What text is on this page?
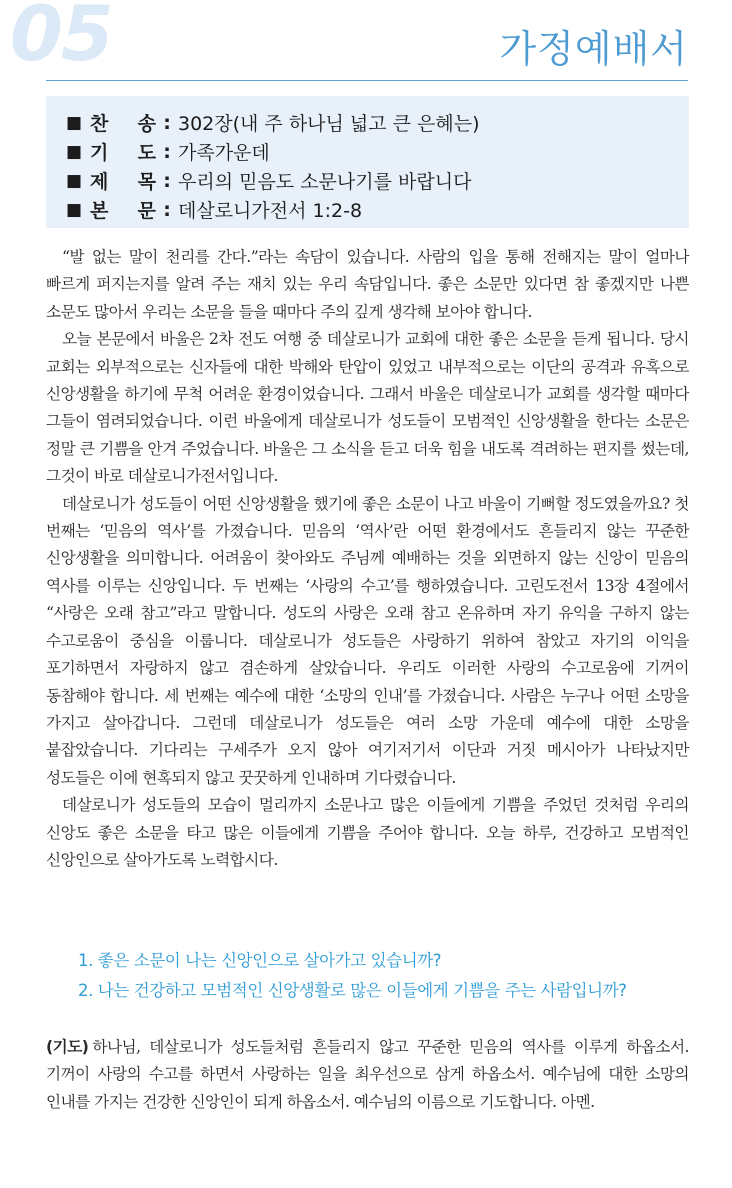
05	가정예배서
■ 찬 송 : 302장(내 주 하나님 넓고 큰 은혜는)
■ 기 도 : 가족가운데
■ 제 목 : 우리의 믿음도 소문나기를 바랍니다
■ 본 문 : 데살로니가전서 1:2-8

“발 없는 말이 천리를 간다.”라는 속담이 있습니다. 사람의 입을 통해 전해지는 말이 얼마나 빠르게 퍼지는지를 알려 주는 재치 있는 우리 속담입니다. 좋은 소문만 있다면 참 좋겠지만 나쁜 소문도 많아서 우리는 소문을 들을 때마다 주의 깊게 생각해 보아야 합니다.

오늘 본문에서 바울은 2차 전도 여행 중 데살로니가 교회에 대한 좋은 소문을 듣게 됩니다. 당시 교회는 외부적으로는 신자들에 대한 박해와 탄압이 있었고 내부적으로는 이단의 공격과 유혹으로 신앙생활을 하기에 무척 어려운 환경이었습니다. 그래서 바울은 데살로니가 교회를 생각할 때마다 그들이 염려되었습니다. 이런 바울에게 데살로니가 성도들이 모범적인 신앙생활을 한다는 소문은 정말 큰 기쁨을 안겨 주었습니다. 바울은 그 소식을 듣고 더욱 힘을 내도록 격려하는 편지를 썼는데, 그것이 바로 데살로니가전서입니다.

데살로니가 성도들이 어떤 신앙생활을 했기에 좋은 소문이 나고 바울이 기뻐할 정도였을까요? 첫 번째는 ‘믿음의 역사’를 가졌습니다. 믿음의 ‘역사’란 어떤 환경에서도 흔들리지 않는 꾸준한 신앙생활을 의미합니다. 어려움이 찾아와도 주님께 예배하는 것을 외면하지 않는 신앙이 믿음의 역사를 이루는 신앙입니다. 두 번째는 ‘사랑의 수고’를 행하였습니다. 고린도전서 13장 4절에서 “사랑은 오래 참고”라고 말합니다. 성도의 사랑은 오래 참고 온유하며 자기 유익을 구하지 않는 수고로움이 중심을 이룹니다. 데살로니가 성도들은 사랑하기 위하여 참았고 자기의 이익을 포기하면서 자랑하지 않고 겸손하게 살았습니다. 우리도 이러한 사랑의 수고로움에 기꺼이 동참해야 합니다. 세 번째는 예수에 대한 ‘소망의 인내’를 가졌습니다. 사람은 누구나 어떤 소망을 가지고 살아갑니다. 그런데 데살로니가 성도들은 여러 소망 가운데 예수에 대한 소망을 붙잡았습니다. 기다리는 구세주가 오지 않아 여기저기서 이단과 거짓 메시아가 나타났지만 성도들은 이에 현혹되지 않고 꿋꿋하게 인내하며 기다렸습니다.

데살로니가 성도들의 모습이 멀리까지 소문나고 많은 이들에게 기쁨을 주었던 것처럼 우리의 신앙도 좋은 소문을 타고 많은 이들에게 기쁨을 주어야 합니다. 오늘 하루, 건강하고 모범적인 신앙인으로 살아가도록 노력합시다.

1. 좋은 소문이 나는 신앙인으로 살아가고 있습니까?
2. 나는 건강하고 모범적인 신앙생활로 많은 이들에게 기쁨을 주는 사람입니까?
(기도) 하나님, 데살로니가 성도들처럼 흔들리지 않고 꾸준한 믿음의 역사를 이루게 하옵소서. 기꺼이 사랑의 수고를 하면서 사랑하는 일을 최우선으로 삼게 하옵소서. 예수님에 대한 소망의 인내를 가지는 건강한 신앙인이 되게 하옵소서. 예수님의 이름으로 기도합니다. 아멘.
